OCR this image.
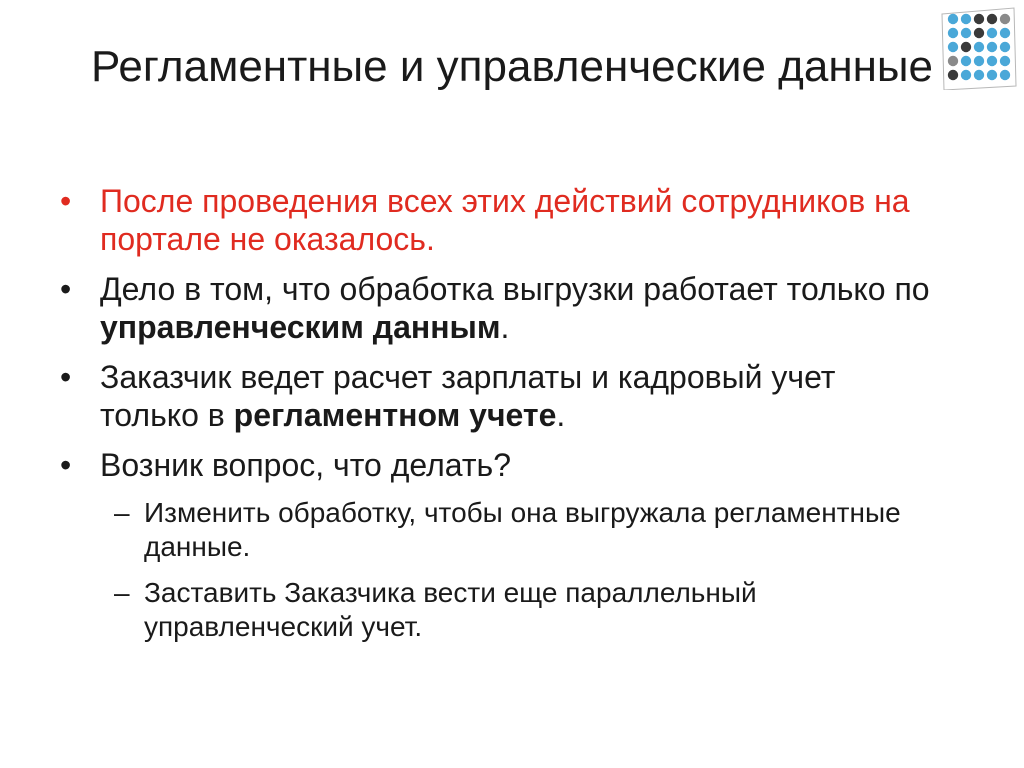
Регламентные и управленческие данные
• После проведения всех этих действий сотрудников на портале не оказалось.
• Дело в том, что обработка выгрузки работает только по управленческим данным.
• Заказчик ведет расчет зарплаты и кадровый учет только в регламентном учете.
• Возник вопрос, что делать?
– Изменить обработку, чтобы она выгружала регламентные данные.
– Заставить Заказчика вести еще параллельный управленческий учет.
